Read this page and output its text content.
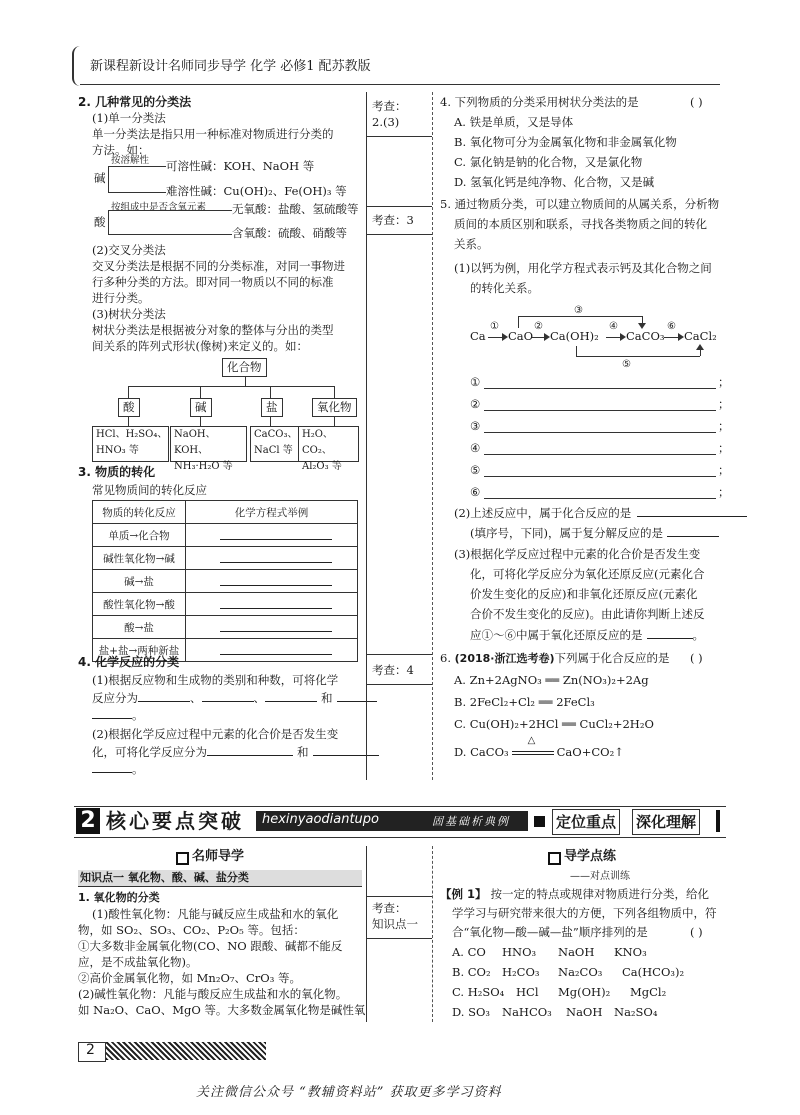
新课程新设计名师同步导学 化学 必修1 配苏教版
2. 几种常见的分类法
(1)单一分类法
单一分类法是指只用一种标准对物质进行分类的
方法。如：
碱
按溶解性 可溶性碱：KOH、NaOH 等
难溶性碱：Cu(OH)₂、Fe(OH)₃ 等
酸
按组成中是否含氧元素 无氧酸：盐酸、氢硫酸等
含氧酸：硫酸、硝酸等
(2)交叉分类法
交叉分类法是根据不同的分类标准，对同一事物进
行多种分类的方法。即对同一物质以不同的标准
进行分类。
(3)树状分类法
树状分类法是根据被分对象的整体与分出的类型
间关系的阵列式形状(像树)来定义的。如：
化合物
酸	碱	盐	氧化物
HCl、H₂SO₄、
HNO₃ 等
NaOH、KOH、
NH₃·H₂O 等
CaCO₃、
NaCl 等
H₂O、CO₂、
Al₂O₃ 等
3. 物质的转化
常见物质间的转化反应
物质的转化反应	化学方程式举例
单质→化合物	
碱性氧化物→碱	
碱→盐	
酸性氧化物→酸	
酸→盐	
盐+盐→两种新盐	
4. 化学反应的分类
(1)根据反应物和生成物的类别和种数，可将化学
反应分为	、	、	和
。
(2)根据化学反应过程中元素的化合价是否发生变
化，可将化学反应分为	和
。
考查：
2.(3)
考查：3
考查：4
4. 下列物质的分类采用树状分类法的是	( )
A. 铁是单质，又是导体
B. 氧化物可分为金属氧化物和非金属氧化物
C. 氯化钠是钠的化合物，又是氯化物
D. 氢氧化钙是纯净物、化合物，又是碱
5. 通过物质分类，可以建立物质间的从属关系，分析物
质间的本质区别和联系，寻找各类物质之间的转化
关系。
(1)以钙为例，用化学方程式表示钙及其化合物之间
的转化关系。
Ca
①
CaO
②
Ca(OH)₂
④
CaCO₃
⑥
CaCl₂
③
⑤
①	；
②	；
③	；
④	；
⑤	；
⑥	；
(2)上述反应中，属于化合反应的是
(填序号，下同)，属于复分解反应的是
(3)根据化学反应过程中元素的化合价是否发生变
化，可将化学反应分为氧化还原反应(元素化合
价发生变化的反应)和非氧化还原反应(元素化
合价不发生变化的反应)。由此请你判断上述反
应①～⑥中属于氧化还原反应的是	。
6. (2018·浙江选考卷)下列属于化合反应的是 ( )
A. Zn+2AgNO₃ ══ Zn(NO₃)₂+2Ag
B. 2FeCl₂+Cl₂ ══ 2FeCl₃
C. Cu(OH)₂+2HCl ══ CuCl₂+2H₂O
D. CaCO₃
△
CaO+CO₂↑
2 核心要点突破 hexinyaodiantupo	固基础析典例	定位重点 深化理解
名师导学
知识点一 氧化物、酸、碱、盐分类
1. 氧化物的分类
(1)酸性氧化物：凡能与碱反应生成盐和水的氧化
物，如 SO₂、SO₃、CO₂、P₂O₅ 等。包括：
①大多数非金属氧化物(CO、NO 跟酸、碱都不能反
应，是不成盐氧化物)。
②高价金属氧化物，如 Mn₂O₇、CrO₃ 等。
(2)碱性氧化物：凡能与酸反应生成盐和水的氧化物。
如 Na₂O、CaO、MgO 等。大多数金属氧化物是碱性氧
考查：
知识点一
导学点练
——对点训练
【例 1】 按一定的特点或规律对物质进行分类，给化
学学习与研究带来很大的方便，下列各组物质中，符
合“氧化物—酸—碱—盐”顺序排列的是	( )
A. CO HNO₃ NaOH KNO₃
B. CO₂ H₂CO₃ Na₂CO₃ Ca(HCO₃)₂
C. H₂SO₄ HCl Mg(OH)₂ MgCl₂
D. SO₃ NaHCO₃ NaOH Na₂SO₄
2
关注微信公众号 “教辅资料站” 获取更多学习资料
